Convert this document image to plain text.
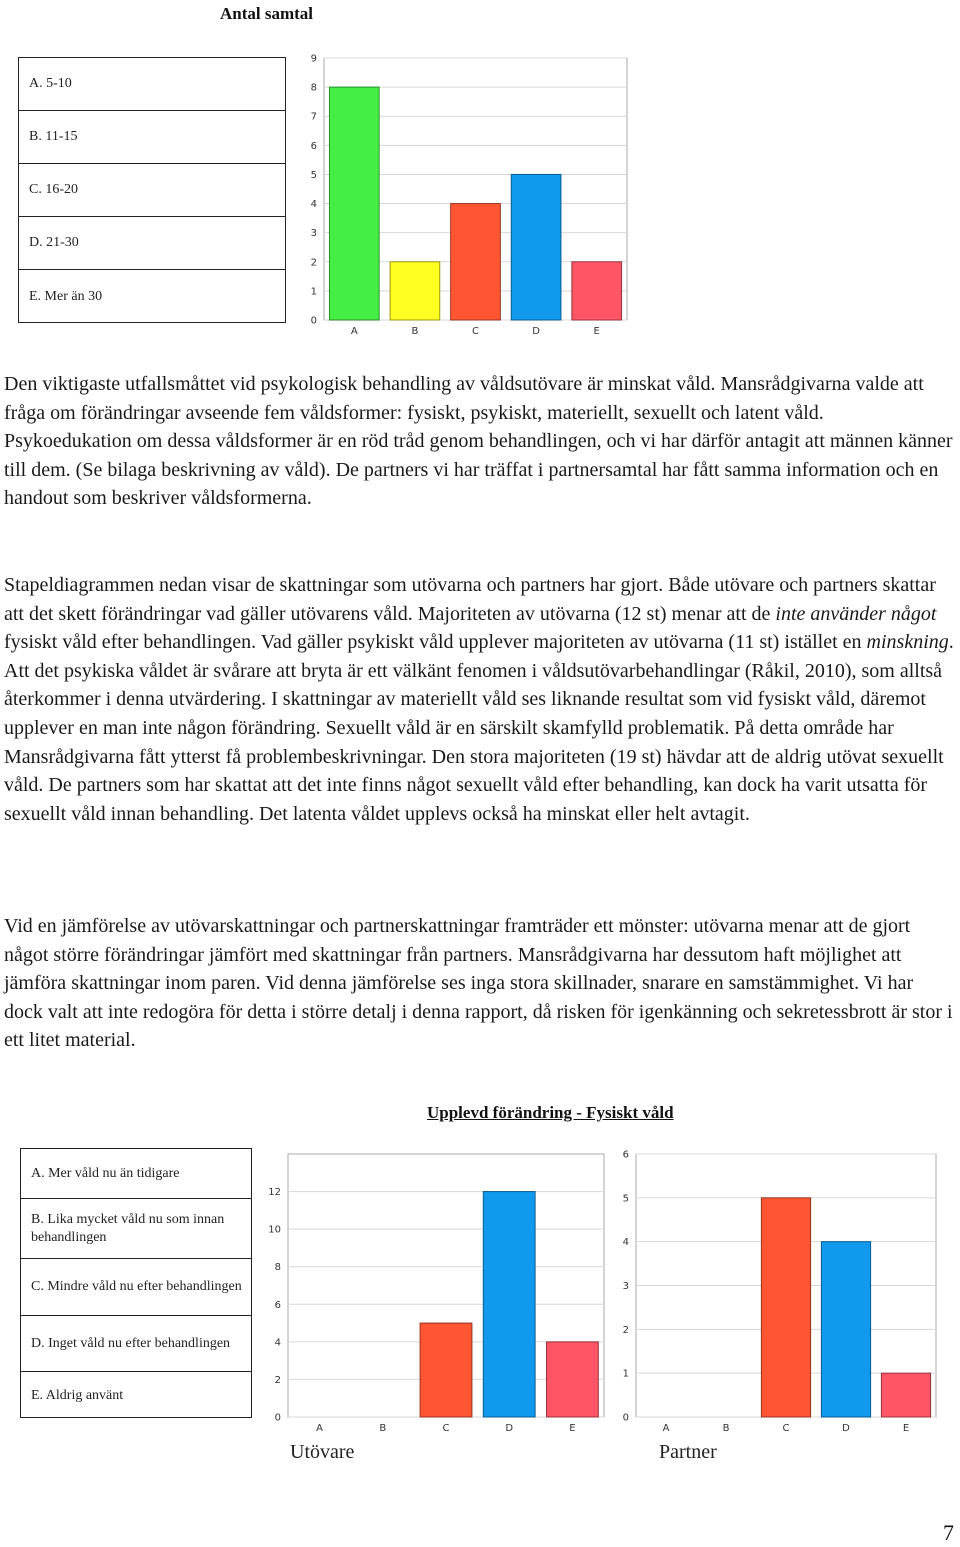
Antal samtal
A. 5-10
B. 11-15
C. 16-20
D. 21-30
E. Mer än 30
0
1
2
3
4
5
6
7
8
9
A	B	C	D	E

Den viktigaste utfallsmåttet vid psykologisk behandling av våldsutövare är minskat våld. Mansrådgivarna valde att fråga om förändringar avseende fem våldsformer: fysiskt, psykiskt, materiellt, sexuellt och latent våld. Psykoedukation om dessa våldsformer är en röd tråd genom behandlingen, och vi har därför antagit att männen känner till dem. (Se bilaga beskrivning av våld). De partners vi har träffat i partnersamtal har fått samma information och en handout som beskriver våldsformerna.

Stapeldiagrammen nedan visar de skattningar som utövarna och partners har gjort. Både utövare och partners skattar att det skett förändringar vad gäller utövarens våld. Majoriteten av utövarna (12 st) menar att de inte använder något fysiskt våld efter behandlingen. Vad gäller psykiskt våld upplever majoriteten av utövarna (11 st) istället en minskning. Att det psykiska våldet är svårare att bryta är ett välkänt fenomen i våldsutövarbehandlingar (Råkil, 2010), som alltså återkommer i denna utvärdering. I skattningar av materiellt våld ses liknande resultat som vid fysiskt våld, däremot upplever en man inte någon förändring. Sexuellt våld är en särskilt skamfylld problematik. På detta område har Mansrådgivarna fått ytterst få problembeskrivningar. Den stora majoriteten (19 st) hävdar att de aldrig utövat sexuellt våld. De partners som har skattat att det inte finns något sexuellt våld efter behandling, kan dock ha varit utsatta för sexuellt våld innan behandling. Det latenta våldet upplevs också ha minskat eller helt avtagit.

Vid en jämförelse av utövarskattningar och partnerskattningar framträder ett mönster: utövarna menar att de gjort något större förändringar jämfört med skattningar från partners. Mansrådgivarna har dessutom haft möjlighet att jämföra skattningar inom paren. Vid denna jämförelse ses inga stora skillnader, snarare en samstämmighet. Vi har dock valt att inte redogöra för detta i större detalj i denna rapport, då risken för igenkänning och sekretessbrott är stor i ett litet material.

Upplevd förändring - Fysiskt våld
A. Mer våld nu än tidigare
B. Lika mycket våld nu som innan behandlingen
C. Mindre våld nu efter behandlingen
D. Inget våld nu efter behandlingen
E. Aldrig använt
0
2
4
6
8
10
12
A	B	C	D	E
0
1
2
3
4
5
6
A	B	C	D	E
Utövare	Partner
7
